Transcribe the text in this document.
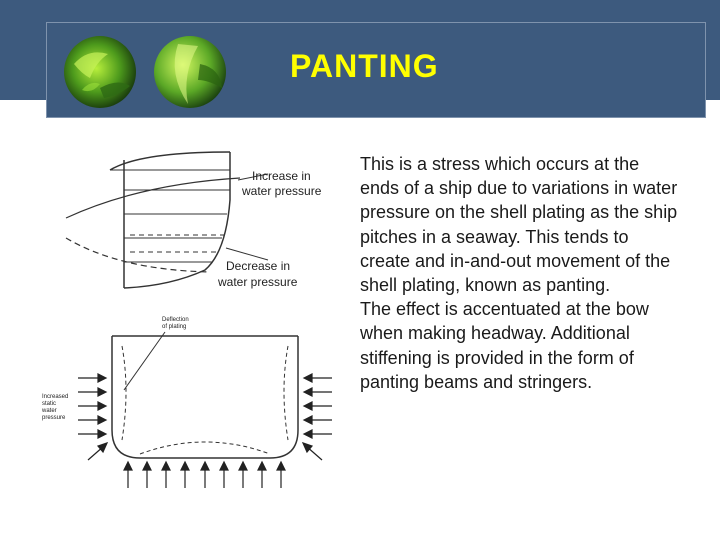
PANTING
Increase in
water pressure
Decrease in
water pressure
Deflection
of plating
Increased
static
water
pressure

This is a stress which occurs at the ends of a ship due to variations in water pressure on the shell plating as the ship pitches in a seaway. This tends to create and in-and-out movement of the shell plating, known as panting.

The effect is accentuated at the bow when making headway. Additional stiffening is provided in the form of panting beams and stringers.
